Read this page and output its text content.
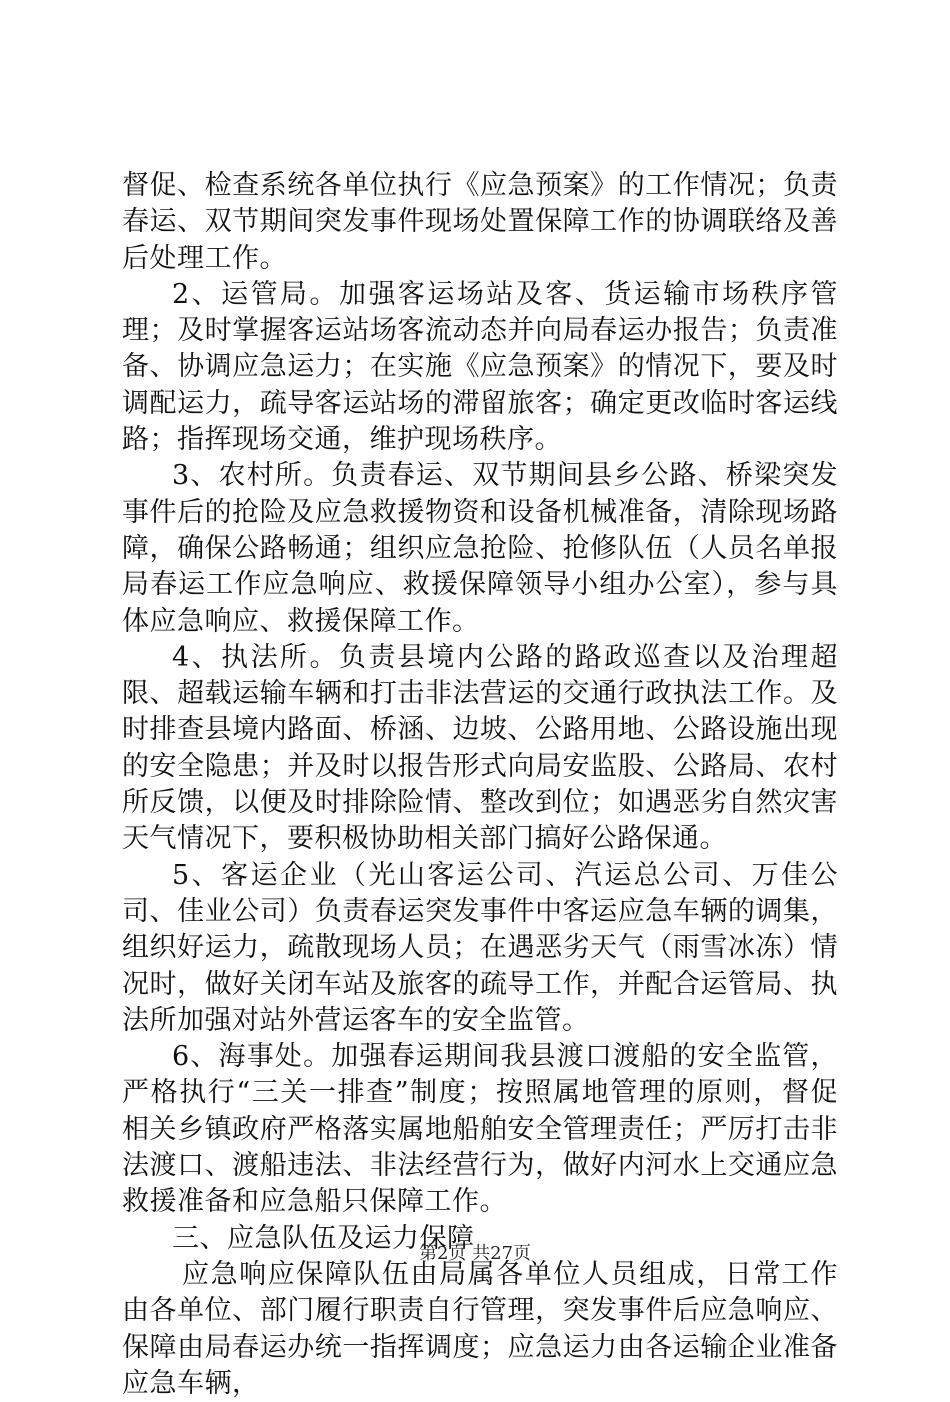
督促、检查系统各单位执行《应急预案》的工作情况；负责春运、双节期间突发事件现场处置保障工作的协调联络及善后处理工作。

2、运管局。加强客运场站及客、货运输市场秩序管理；及时掌握客运站场客流动态并向局春运办报告；负责准备、协调应急运力；在实施《应急预案》的情况下，要及时调配运力，疏导客运站场的滞留旅客；确定更改临时客运线路；指挥现场交通，维护现场秩序。

3、农村所。负责春运、双节期间县乡公路、桥梁突发事件后的抢险及应急救援物资和设备机械准备，清除现场路障，确保公路畅通；组织应急抢险、抢修队伍（人员名单报局春运工作应急响应、救援保障领导小组办公室），参与具体应急响应、救援保障工作。

4、执法所。负责县境内公路的路政巡查以及治理超限、超载运输车辆和打击非法营运的交通行政执法工作。及时排查县境内路面、桥涵、边坡、公路用地、公路设施出现的安全隐患；并及时以报告形式向局安监股、公路局、农村所反馈，以便及时排除险情、整改到位；如遇恶劣自然灾害天气情况下，要积极协助相关部门搞好公路保通。

5、客运企业（光山客运公司、汽运总公司、万佳公司、佳业公司）负责春运突发事件中客运应急车辆的调集，组织好运力，疏散现场人员；在遇恶劣天气（雨雪冰冻）情况时，做好关闭车站及旅客的疏导工作，并配合运管局、执法所加强对站外营运客车的安全监管。

6、海事处。加强春运期间我县渡口渡船的安全监管，严格执行“三关一排查”制度；按照属地管理的原则，督促相关乡镇政府严格落实属地船舶安全管理责任；严厉打击非法渡口、渡船违法、非法经营行为，做好内河水上交通应急救援准备和应急船只保障工作。

三、应急队伍及运力保障

应急响应保障队伍由局属各单位人员组成，日常工作由各单位、部门履行职责自行管理，突发事件后应急响应、保障由局春运办统一指挥调度；应急运力由各运输企业准备应急车辆，

第2页 共27页
